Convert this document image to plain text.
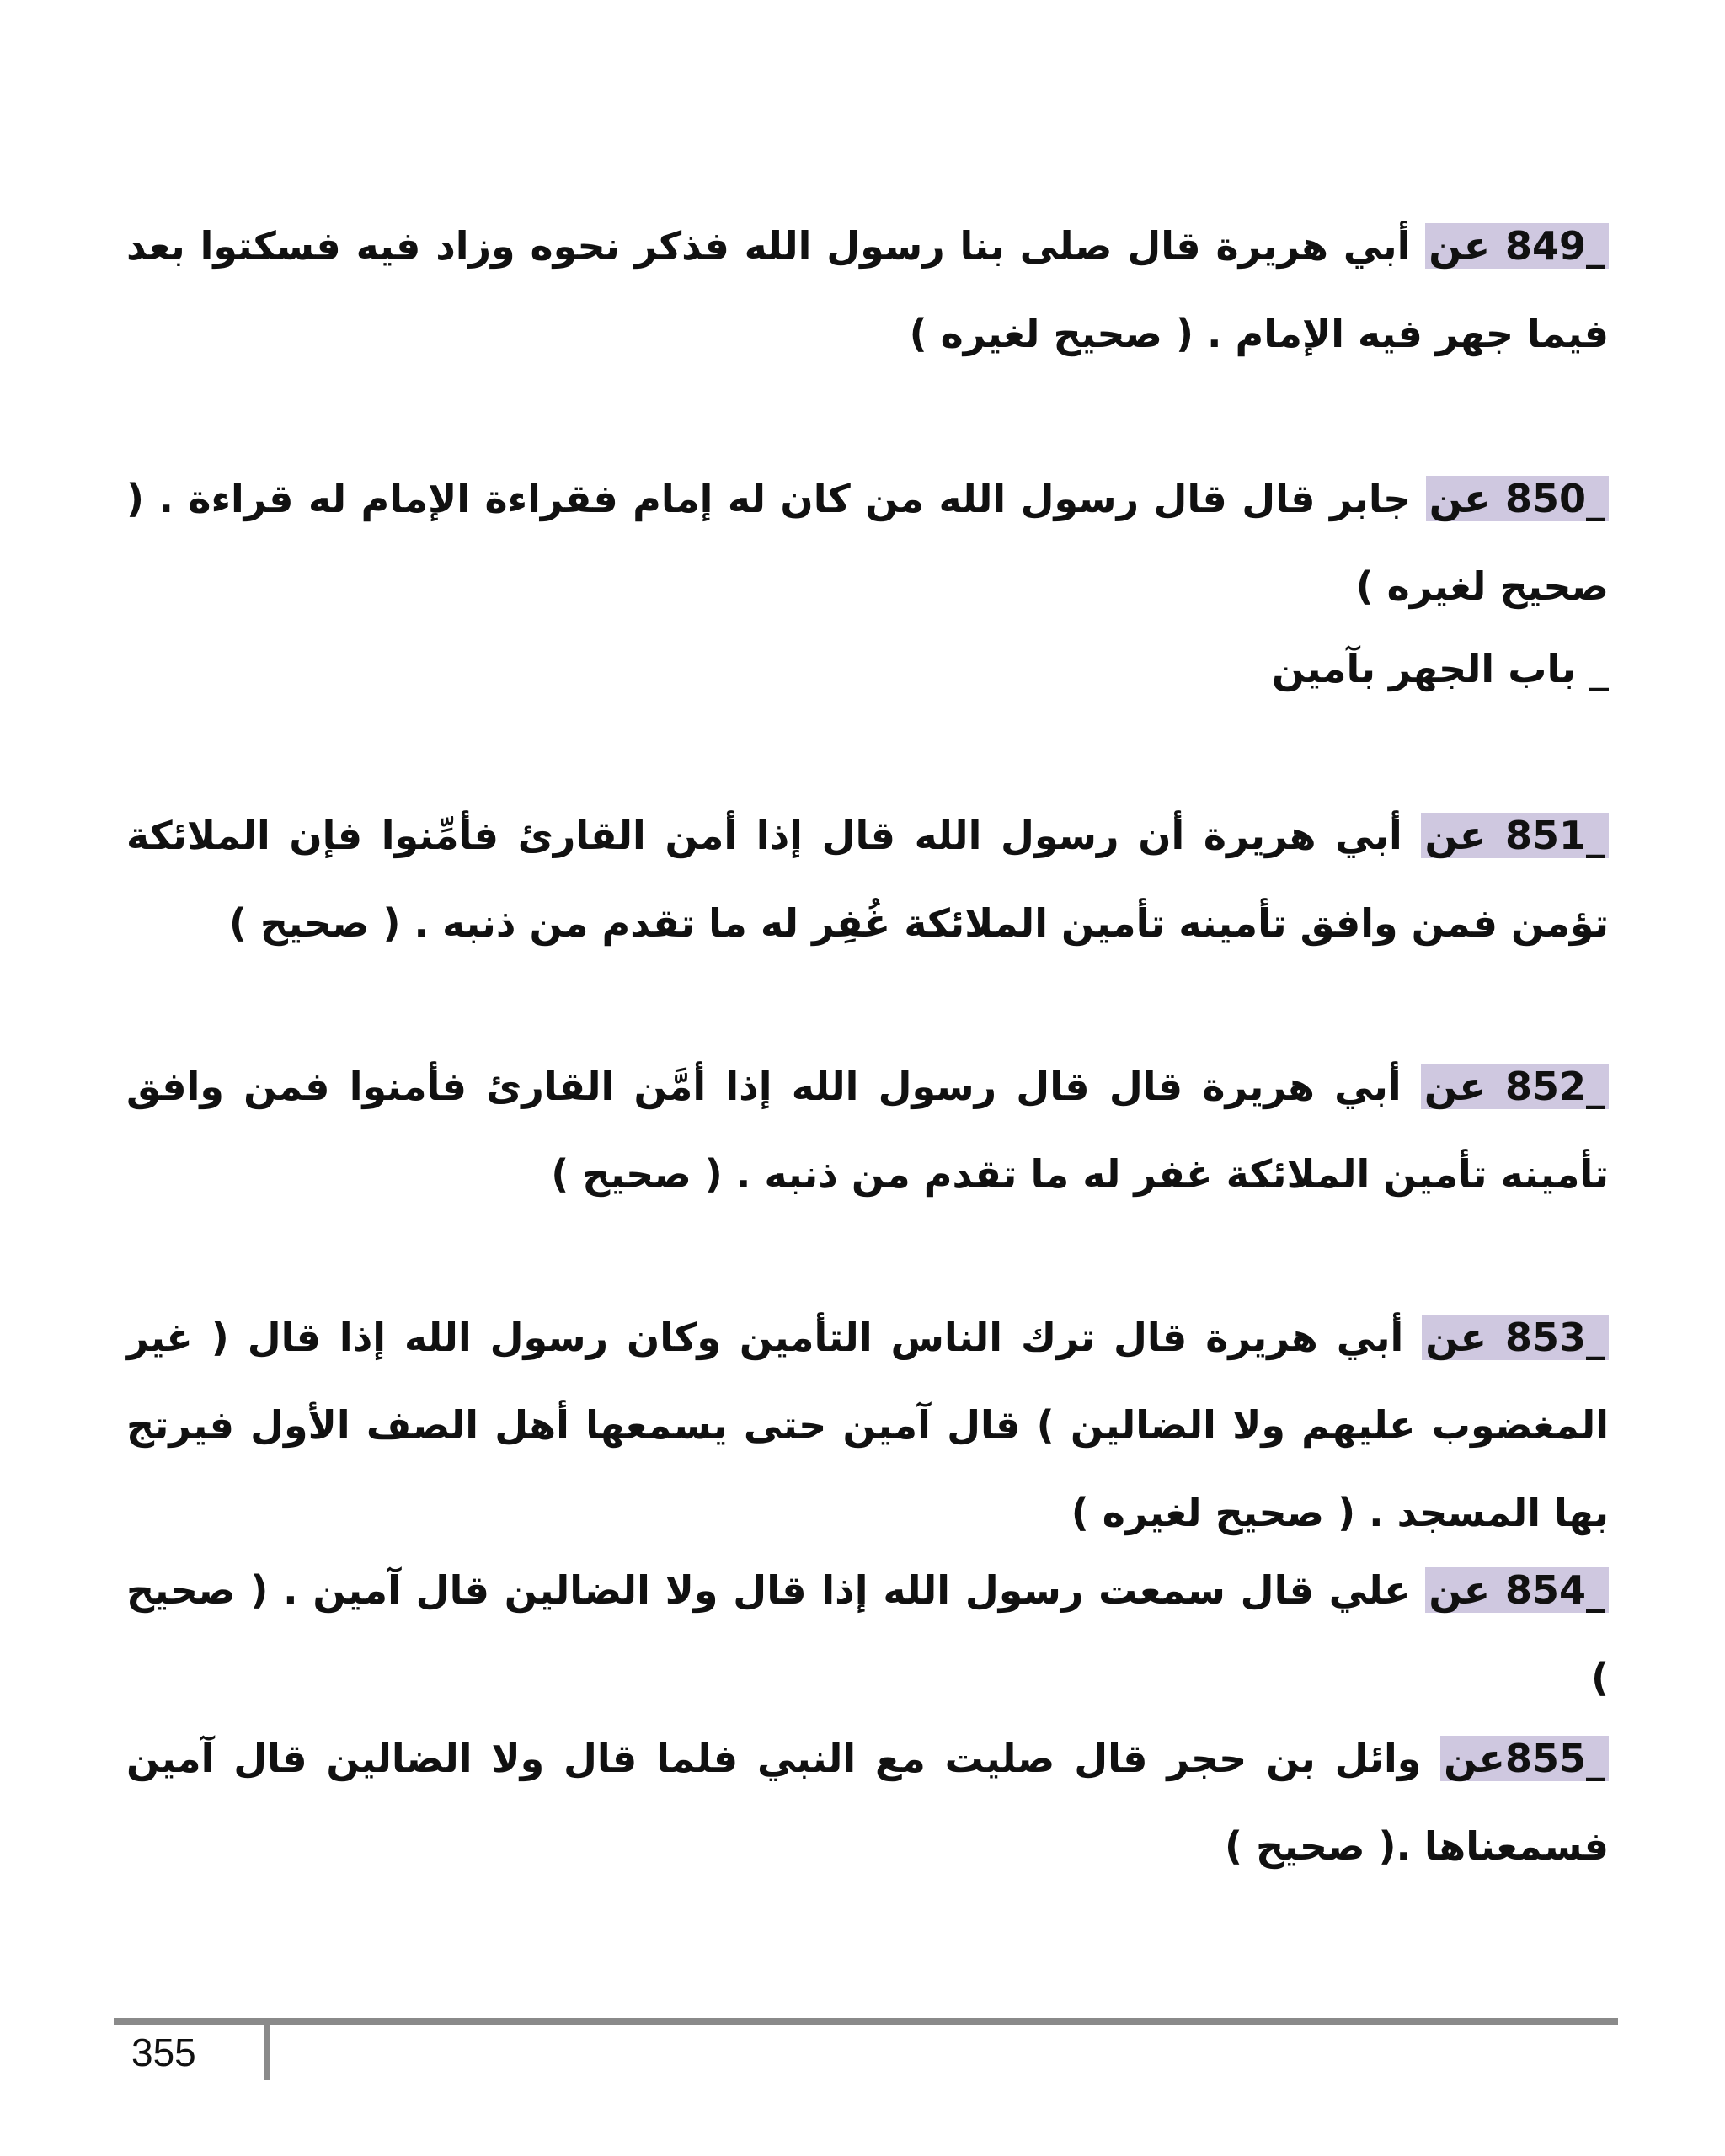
849_ عن أبي هريرة قال صلى بنا رسول الله فذكر نحوه وزاد فيه فسكتوا بعد فيما جهر فيه الإمام . ( صحيح لغيره )

850_ عن جابر قال قال رسول الله من كان له إمام فقراءة الإمام له قراءة . ( صحيح لغيره )

_ باب الجهر بآمين

851_ عن أبي هريرة أن رسول الله قال إذا أمن القارئ فأمِّنوا فإن الملائكة تؤمن فمن وافق تأمينه تأمين الملائكة غُفِر له ما تقدم من ذنبه . ( صحيح )

852_ عن أبي هريرة قال قال رسول الله إذا أمَّن القارئ فأمنوا فمن وافق تأمينه تأمين الملائكة غفر له ما تقدم من ذنبه . ( صحيح )

853_ عن أبي هريرة قال ترك الناس التأمين وكان رسول الله إذا قال ( غير المغضوب عليهم ولا الضالين ) قال آمين حتى يسمعها أهل الصف الأول فيرتج بها المسجد . ( صحيح لغيره )

854_ عن علي قال سمعت رسول الله إذا قال ولا الضالين قال آمين . ( صحيح )

855_عن وائل بن حجر قال صليت مع النبي فلما قال ولا الضالين قال آمين فسمعناها .( صحيح )

355
